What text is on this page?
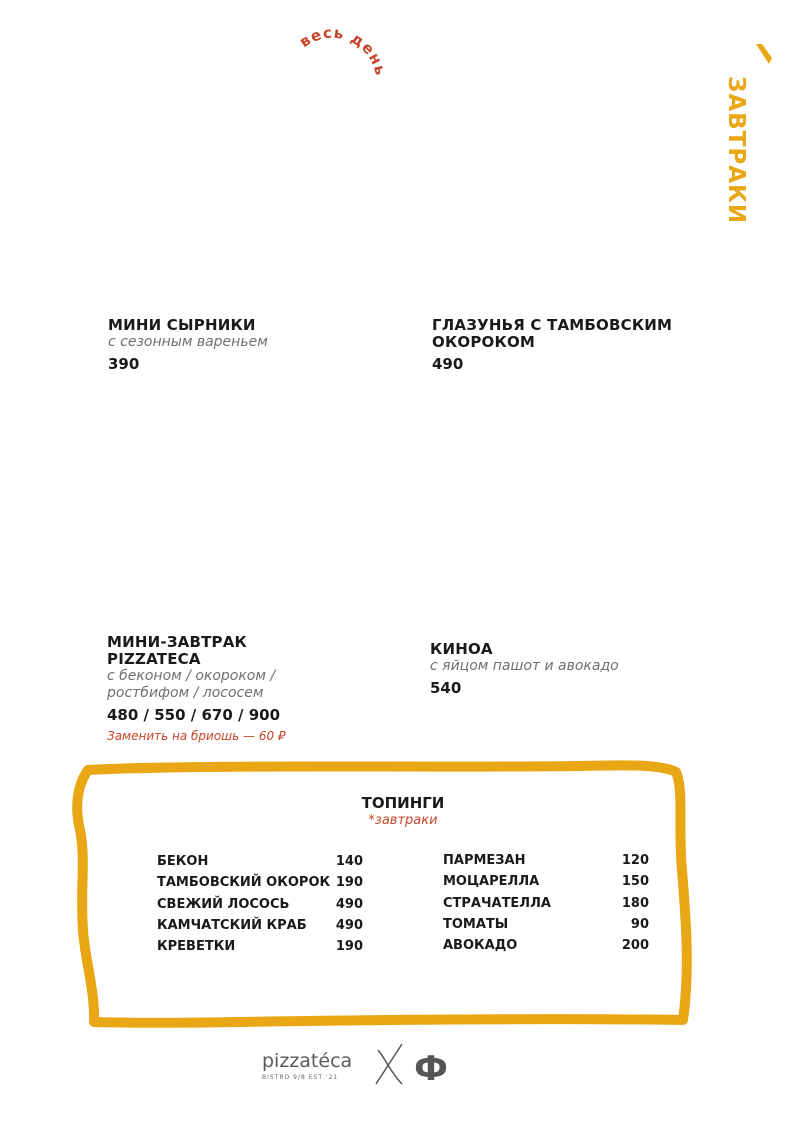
весь день
ЗАВТРАКИ
МИНИ СЫРНИКИ
с сезонным вареньем
390
ГЛАЗУНЬЯ С ТАМБОВСКИМ ОКОРОКОМ
490
МИНИ-ЗАВТРАК PIZZATECA
с беконом / окороком / ростбифом / лососем
480 / 550 / 670 / 900
Заменить на бриошь — 60 ₽
КИНОА
с яйцом пашот и авокадо
540
ТОПИНГИ
*завтраки
БЕКОН	140
ТАМБОВСКИЙ ОКОРОК 190
СВЕЖИЙ ЛОСОСЬ	490
КАМЧАТСКИЙ КРАБ 490
КРЕВЕТКИ	190
ПАРМЕЗАН	120
МОЦАРЕЛЛА	150
СТРАЧАТЕЛЛА	180
ТОМАТЫ	90
АВОКАДО	200
pizzatéca
BISTRO 9/8 EST '21	Ф
